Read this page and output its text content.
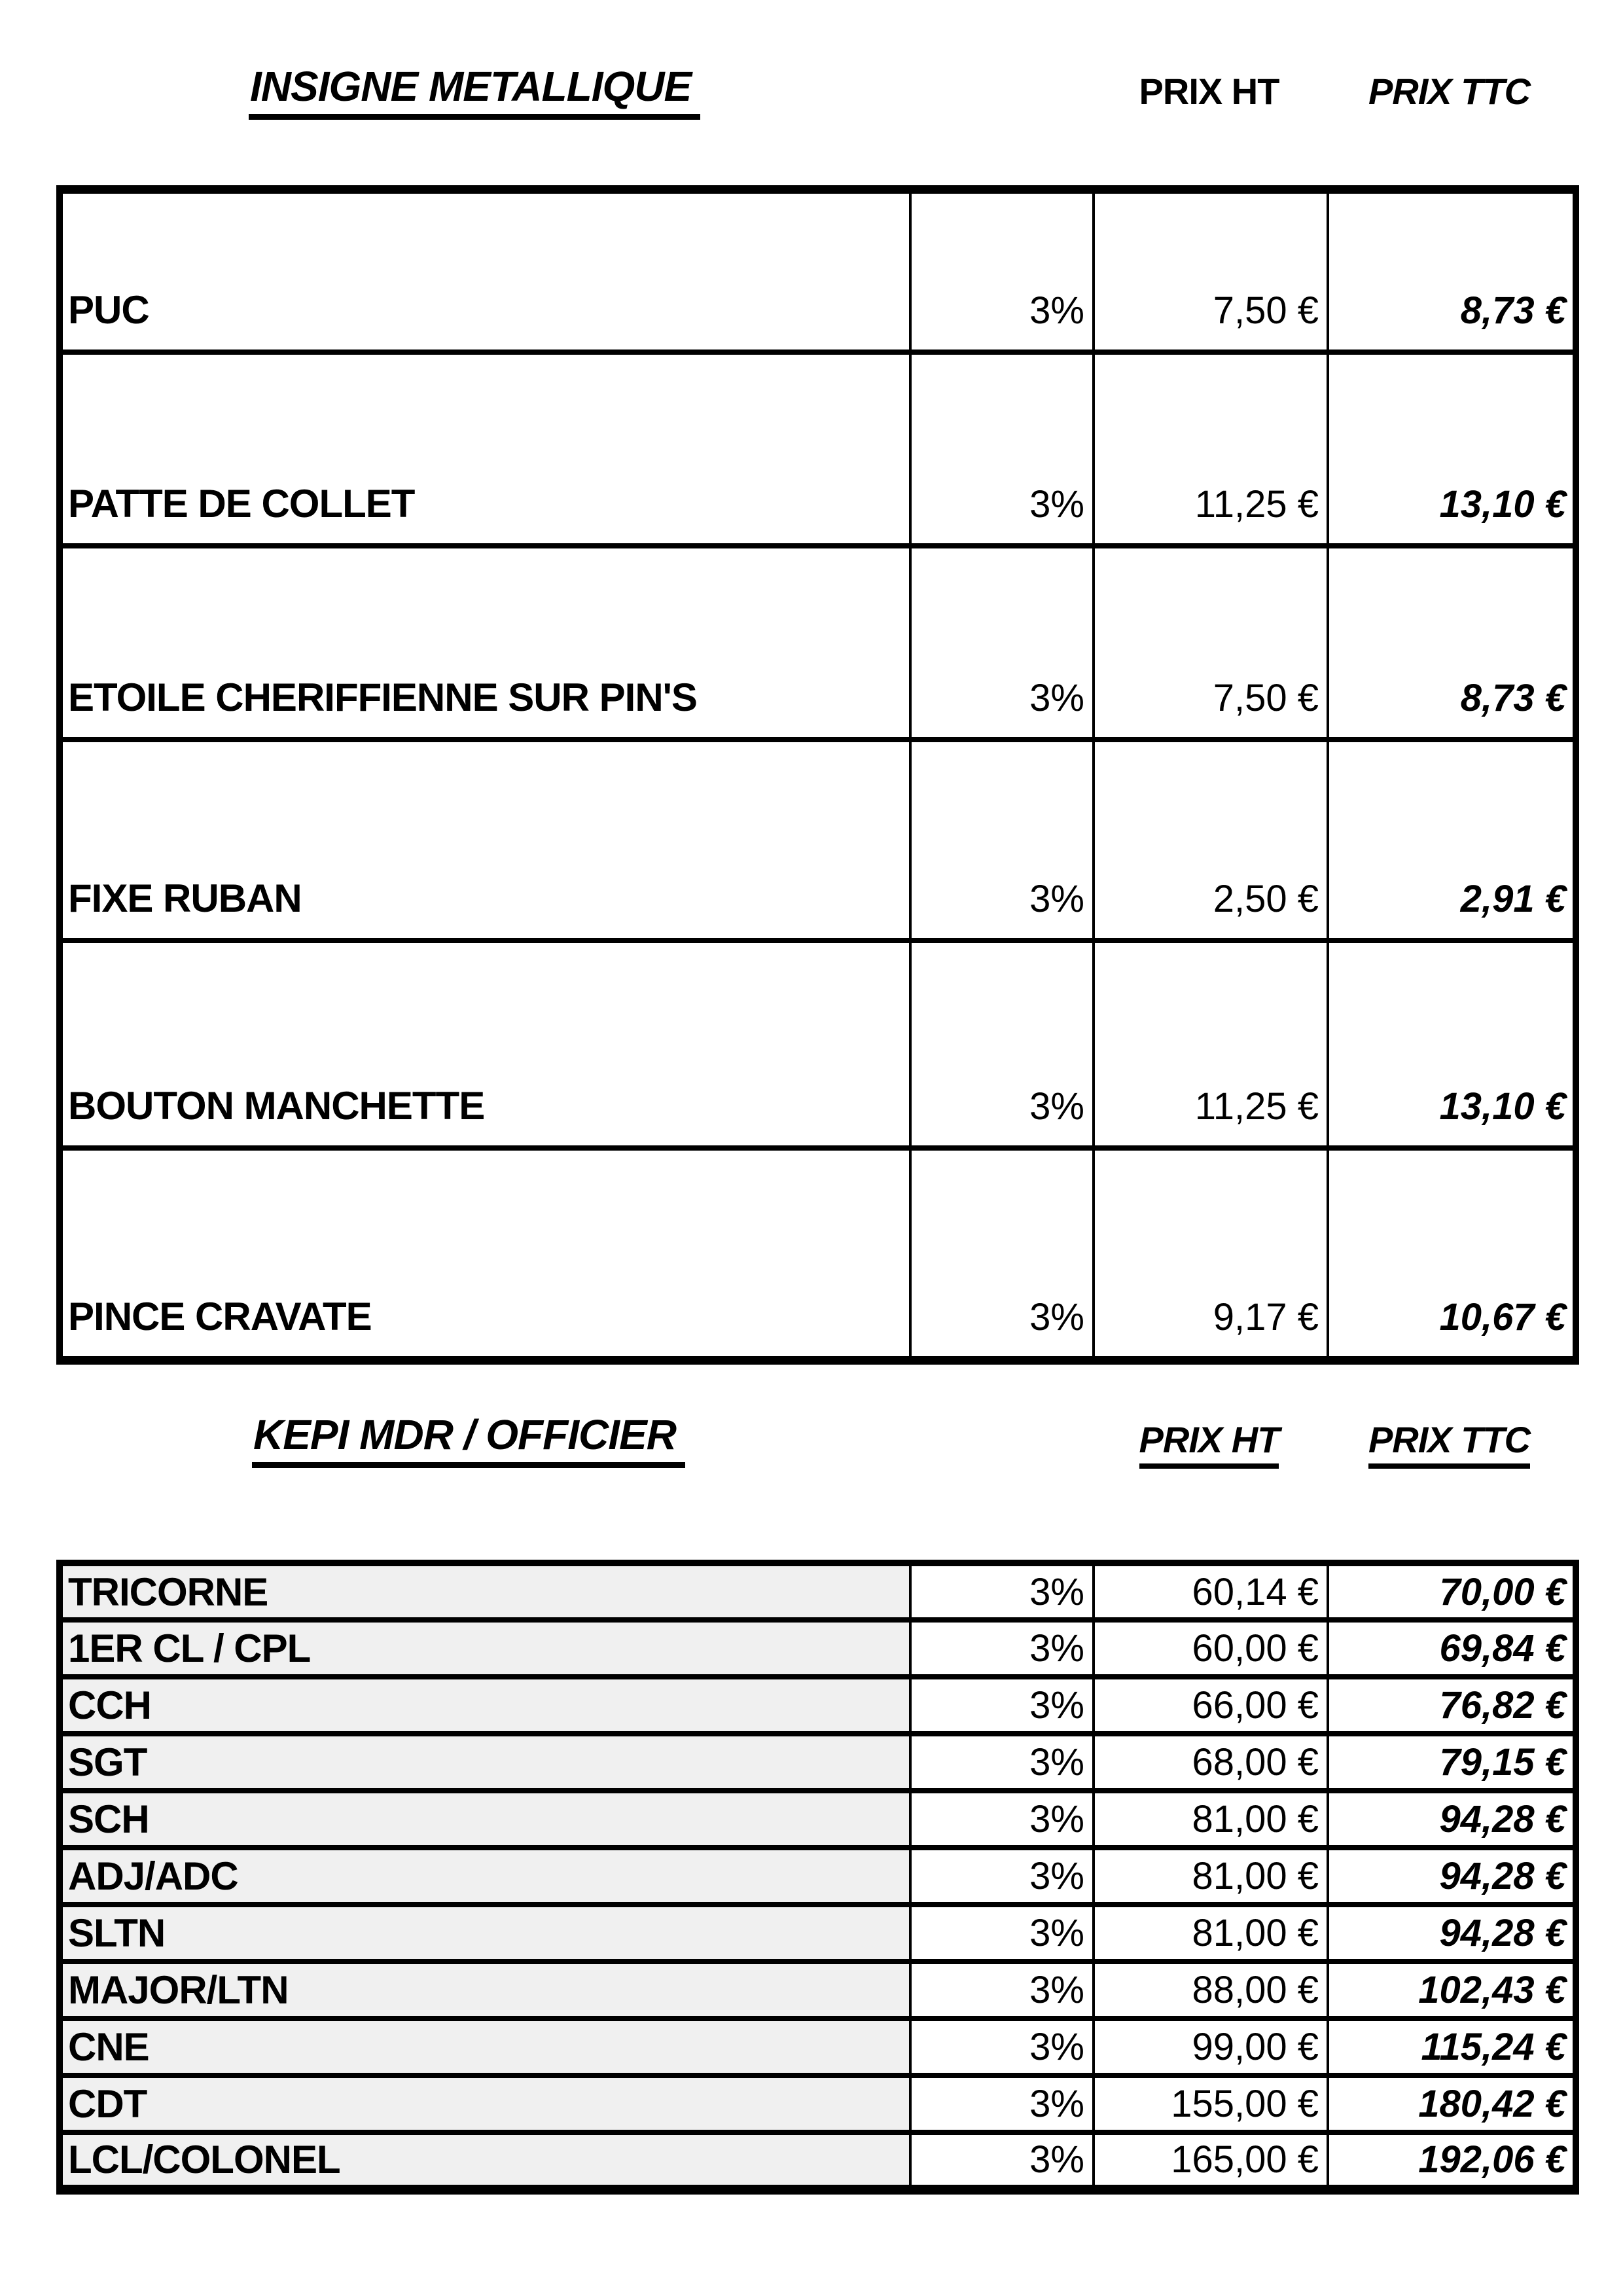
INSIGNE METALLIQUE	PRIX HT	PRIX TTC
PUC	3%	7,50 €	8,73 €
PATTE DE COLLET	3%	11,25 €	13,10 €
ETOILE CHERIFFIENNE SUR PIN'S	3%	7,50 €	8,73 €
FIXE RUBAN	3%	2,50 €	2,91 €
BOUTON MANCHETTE	3%	11,25 €	13,10 €
PINCE CRAVATE	3%	9,17 €	10,67 €
KEPI MDR / OFFICIER	PRIX HT	PRIX TTC
TRICORNE	3%	60,14 €	70,00 €
1ER CL / CPL	3%	60,00 €	69,84 €
CCH	3%	66,00 €	76,82 €
SGT	3%	68,00 €	79,15 €
SCH	3%	81,00 €	94,28 €
ADJ/ADC	3%	81,00 €	94,28 €
SLTN	3%	81,00 €	94,28 €
MAJOR/LTN	3%	88,00 €	102,43 €
CNE	3%	99,00 €	115,24 €
CDT	3%	155,00 €	180,42 €
LCL/COLONEL	3%	165,00 €	192,06 €
